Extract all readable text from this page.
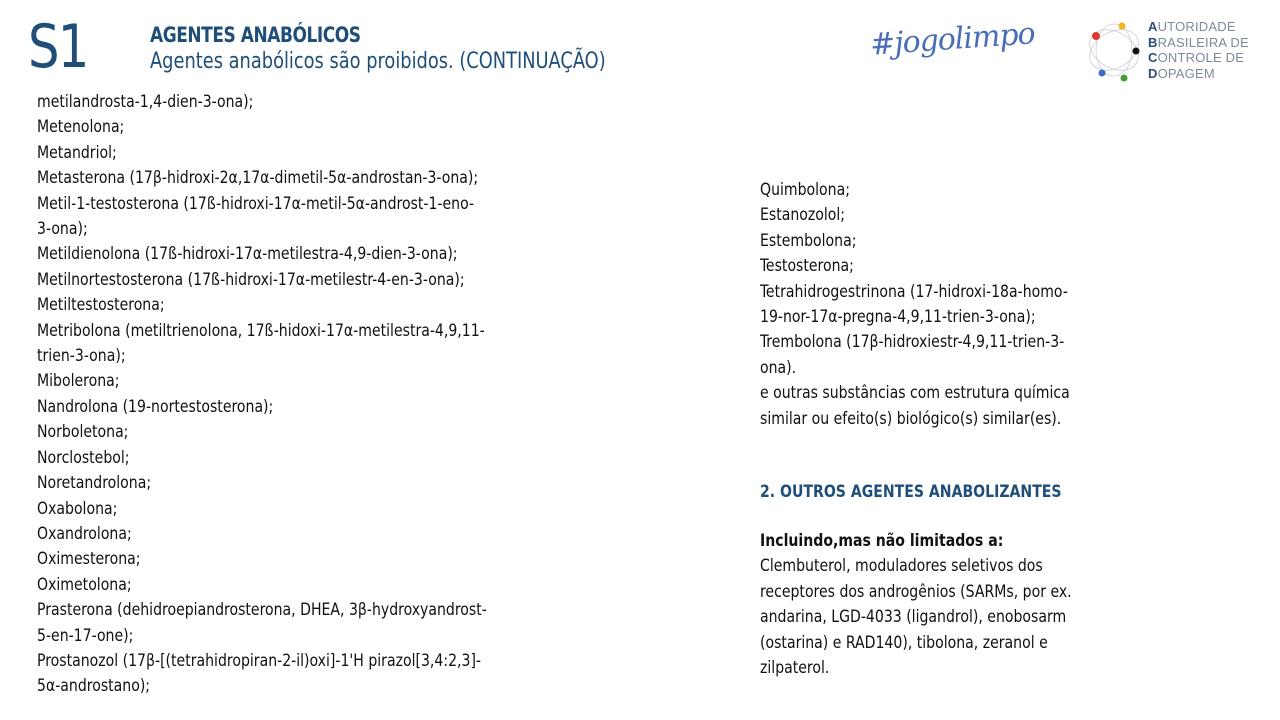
S1	AGENTES ANABÓLICOS
Agentes anabólicos são proibidos. (CONTINUAÇÃO)	#jogolimpo	AUTORIDADE
BRASILEIRA DE
CONTROLE DE
DOPAGEM
metilandrosta-1,4-dien-3-ona);
Metenolona;
Metandriol;
Metasterona (17β-hidroxi-2α,17α-dimetil-5α-androstan-3-ona);
Metil-1-testosterona (17ß-hidroxi-17α-metil-5α-androst-1-eno-
3-ona);
Metildienolona (17ß-hidroxi-17α-metilestra-4,9-dien-3-ona);
Metilnortestosterona (17ß-hidroxi-17α-metilestr-4-en-3-ona);
Metiltestosterona;
Metribolona (metiltrienolona, 17ß-hidoxi-17α-metilestra-4,9,11-
trien-3-ona);
Mibolerona;
Nandrolona (19-nortestosterona);
Norboletona;
Norclostebol;
Noretandrolona;
Oxabolona;
Oxandrolona;
Oximesterona;
Oximetolona;
Prasterona (dehidroepiandrosterona, DHEA, 3β-hydroxyandrost-
5-en-17-one);
Prostanozol (17β-[(tetrahidropiran-2-il)oxi]-1'H pirazol[3,4:2,3]-
5α-androstano);
Quimbolona;
Estanozolol;
Estembolona;
Testosterona;
Tetrahidrogestrinona (17-hidroxi-18a-homo-
19-nor-17α-pregna-4,9,11-trien-3-ona);
Trembolona (17β-hidroxiestr-4,9,11-trien-3-
ona).
e outras substâncias com estrutura química
similar ou efeito(s) biológico(s) similar(es).
2. OUTROS AGENTES ANABOLIZANTES
Incluindo,mas não limitados a:
Clembuterol, moduladores seletivos dos
receptores dos androgênios (SARMs, por ex.
andarina, LGD-4033 (ligandrol), enobosarm
(ostarina) e RAD140), tibolona, zeranol e
zilpaterol.
